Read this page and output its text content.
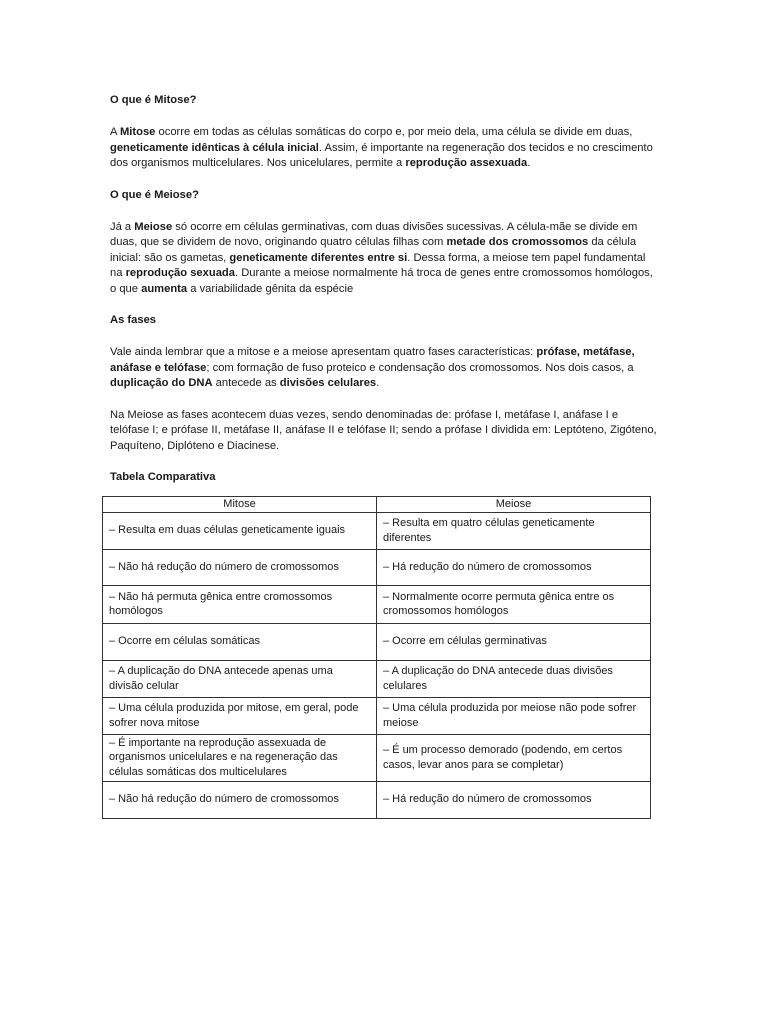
O que é Mitose?

A Mitose ocorre em todas as células somáticas do corpo e, por meio dela, uma célula se divide em duas, geneticamente idênticas à célula inicial. Assim, é importante na regeneração dos tecidos e no crescimento dos organismos multicelulares. Nos unicelulares, permite a reprodução assexuada.

O que é Meiose?

Já a Meiose só ocorre em células germinativas, com duas divisões sucessivas. A célula-mãe se divide em duas, que se dividem de novo, originando quatro células filhas com metade dos cromossomos da célula inicial: são os gametas, geneticamente diferentes entre si. Dessa forma, a meiose tem papel fundamental na reprodução sexuada. Durante a meiose normalmente há troca de genes entre cromossomos homólogos, o que aumenta a variabilidade gênita da espécie

As fases

Vale ainda lembrar que a mitose e a meiose apresentam quatro fases características: prófase, metáfase, anáfase e telófase; com formação de fuso proteico e condensação dos cromossomos. Nos dois casos, a duplicação do DNA antecede as divisões celulares.

Na Meiose as fases acontecem duas vezes, sendo denominadas de: prófase I, metáfase I, anáfase I e telófase I; e prófase II, metáfase II, anáfase II e telófase II; sendo a prófase I dividida em: Leptóteno, Zigóteno, Paquíteno, Diplóteno e Diacinese.

Tabela Comparativa
Mitose	Meiose
– Resulta em duas células geneticamente iguais	– Resulta em quatro células geneticamente diferentes
– Não há redução do número de cromossomos	– Há redução do número de cromossomos
– Não há permuta gênica entre cromossomos homólogos	– Normalmente ocorre permuta gênica entre os cromossomos homólogos
– Ocorre em células somáticas	– Ocorre em células germinativas
– A duplicação do DNA antecede apenas uma divisão celular	– A duplicação do DNA antecede duas divisões celulares
– Uma célula produzida por mitose, em geral, pode sofrer nova mitose	– Uma célula produzida por meiose não pode sofrer meiose
– É importante na reprodução assexuada de organismos unicelulares e na regeneração das células somáticas dos multicelulares	– É um processo demorado (podendo, em certos casos, levar anos para se completar)
– Não há redução do número de cromossomos	– Há redução do número de cromossomos
